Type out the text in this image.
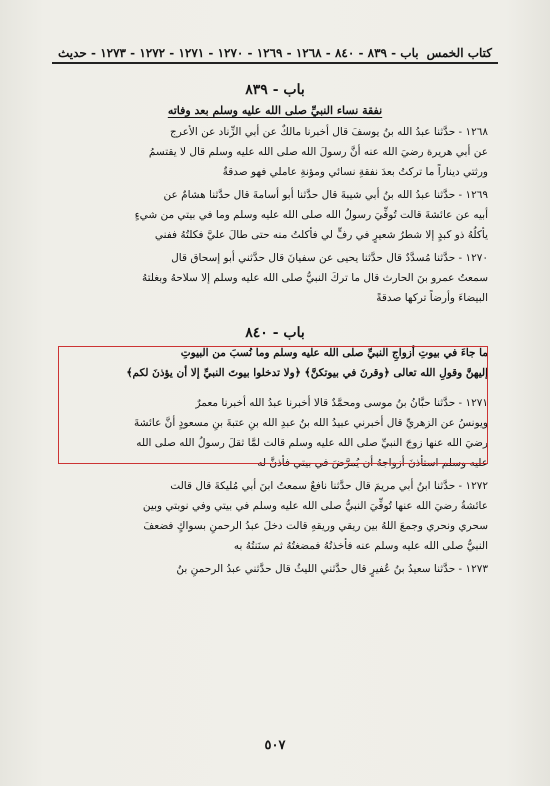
كتاب الخمس
باب - ٨٣٩ - ٨٤٠ - ١٢٦٨ - ١٢٦٩ - ١٢٧٠ - ١٢٧١ - ١٢٧٢ - ١٢٧٣ - حديث
باب - ٨٣٩
نفقة نساء النبيِّ صلى الله عليه وسلم بعد وفاته
١٢٦٨ - حدَّثنا عبدُ الله بنُ يوسفَ قال أخبرنا مالكٌ عن أبي الزِّناد عن الأعرج
عن أبي هريرة رضيَ الله عنه أنَّ رسولَ الله صلى الله عليه وسلم قال لا يقتسمُ
ورثتي ديناراً ما تركتُ بعدَ نفقةِ نسائي ومؤنةِ عاملي فهو صدقةٌ
١٢٦٩ - حدَّثنا عبدُ الله بنُ أبي شيبةَ قال حدَّثنا أبو أسامةَ قال حدَّثنا هشامٌ عن
أبيه عن عائشةَ قالت تُوفِّيَ رسولُ الله صلى الله عليه وسلم وما في بيتي من شيءٍ
يأكلُهُ ذو كبدٍ إلا شطرُ شعيرٍ في رفٍّ لي فأكلتُ منه حتى طالَ عليَّ فكلتُهُ ففني
١٢٧٠ - حدَّثنا مُسدَّدٌ قال حدَّثنا يحيى عن سفيانَ قال حدَّثني أبو إسحاق قال
سمعتُ عمرو بنَ الحارث قال ما تركَ النبيُّ صلى الله عليه وسلم إلا سلاحهُ وبغلتهُ
البيضاءَ وأرضاً تركها صدقةً
باب - ٨٤٠
ما جاءَ في بيوتِ أزواجِ النبيِّ صلى الله عليه وسلم وما نُسبَ من البيوتِ
إليهنَّ وقولِ الله تعالى ﴿وقرنَ في بيوتكنَّ﴾ ﴿ولا تدخلوا بيوتَ النبيِّ إلا أن يؤذنَ لكم﴾
١٢٧١ - حدَّثنا حبَّانُ بنُ موسى ومحمَّدٌ قالا أخبرنا عبدُ الله أخبرنا معمرٌ
ويونسُ عن الزهريِّ قال أخبرني عبيدُ الله بنُ عبدِ الله بنِ عتبةَ بنِ مسعودٍ أنَّ عائشةَ
رضيَ الله عنها زوجَ النبيِّ صلى الله عليه وسلم قالت لمَّا ثقلَ رسولُ الله صلى الله
عليه وسلم استأذنَ أزواجهُ أن يُمرَّضَ في بيتي فأذنَّ له
١٢٧٢ - حدَّثنا ابنُ أبي مريمَ قال حدَّثنا نافعٌ سمعتُ ابنَ أبي مُليكةَ قال قالت
عائشةُ رضيَ الله عنها تُوفِّيَ النبيُّ صلى الله عليه وسلم في بيتي وفي نوبتي وبين
سحري ونحري وجمعَ اللهُ بين ريقي وريقهِ قالت دخلَ عبدُ الرحمنِ بسواكٍ فضعفَ
النبيُّ صلى الله عليه وسلم عنه فأخذتُهُ فمضغتُهُ ثم سنَنتُهُ به
١٢٧٣ - حدَّثنا سعيدُ بنُ عُفيرٍ قال حدَّثني الليثُ قال حدَّثني عبدُ الرحمنِ بنُ
٥٠٧
